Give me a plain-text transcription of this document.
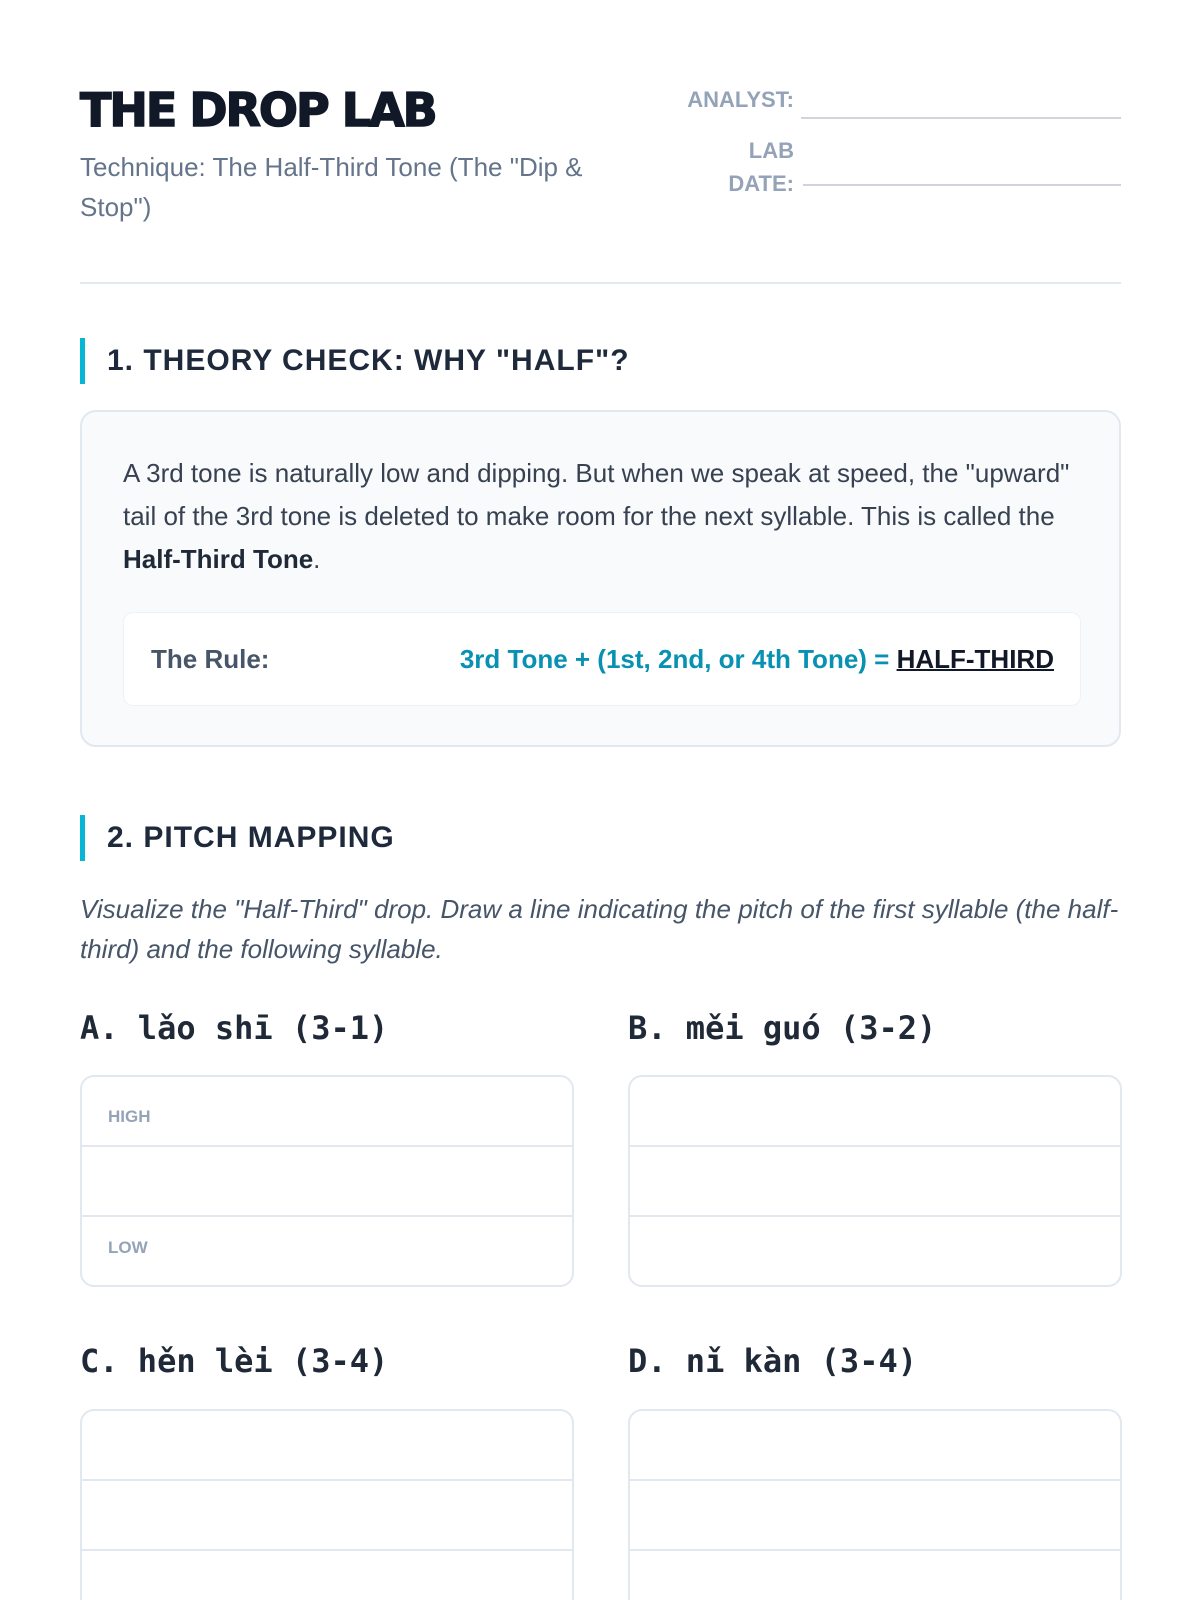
THE DROP LAB
Technique: The Half-Third Tone (The "Dip & Stop")
ANALYST:
LAB
DATE:
1. THEORY CHECK: WHY "HALF"?
A 3rd tone is naturally low and dipping. But when we speak at speed, the "upward" tail of the 3rd tone is deleted to make room for the next syllable. This is called the Half-Third Tone.
The Rule:	3rd Tone + (1st, 2nd, or 4th Tone) = HALF-THIRD
2. PITCH MAPPING
Visualize the "Half-Third" drop. Draw a line indicating the pitch of the first syllable (the half-third) and the following syllable.
A. lǎo shī (3-1)
HIGH
LOW
B. měi guó (3-2)
C. hěn lèi (3-4)	D. nǐ kàn (3-4)
